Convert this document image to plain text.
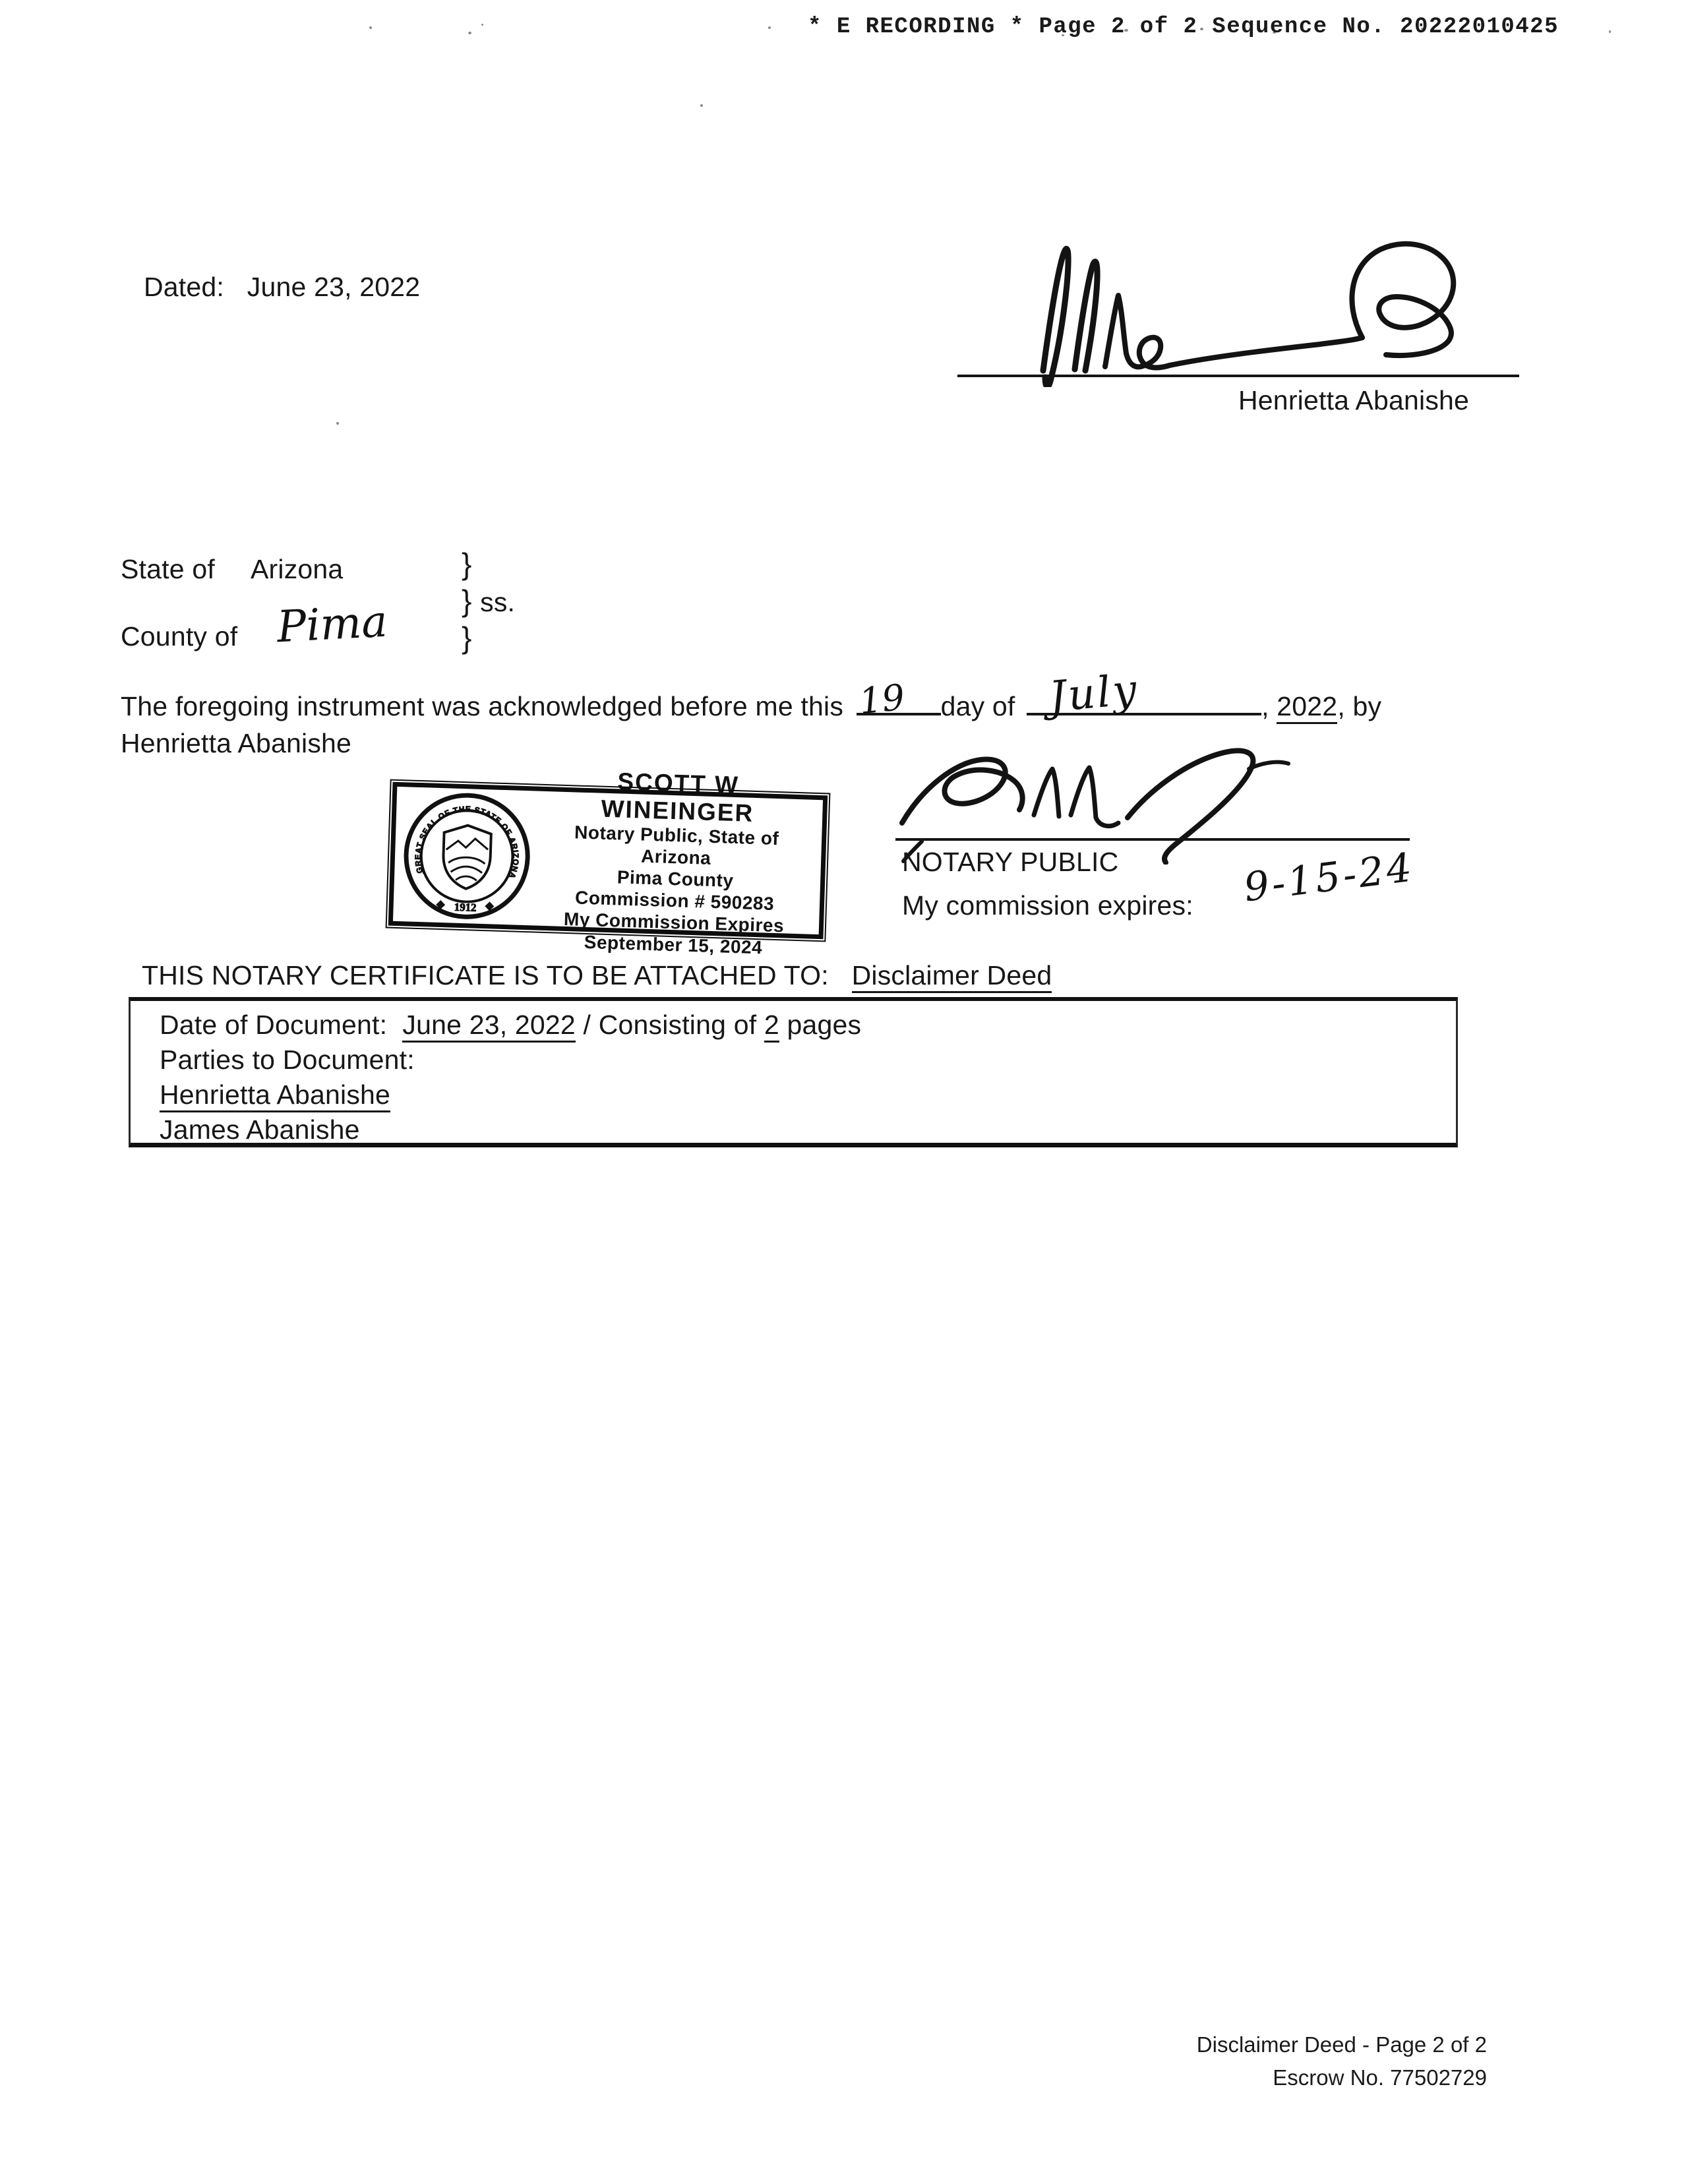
* E RECORDING * Page 2 of 2 Sequence No. 20222010425
Dated: June 23, 2022
Henrietta Abanishe
State of Arizona	}
} ss.
County of Pima }
The foregoing instrument was acknowledged before me this 19 day of July	, 2022, by
Henrietta Abanishe
GREAT SEAL OF THE STATE OF ARIZONA
1912
SCOTT W WINEINGER
Notary Public, State of Arizona
Pima County
Commission # 590283
My Commission Expires
September 15, 2024
NOTARY PUBLIC
My commission expires: 9-15-24
THIS NOTARY CERTIFICATE IS TO BE ATTACHED TO: Disclaimer Deed
Date of Document: June 23, 2022 / Consisting of 2 pages
Parties to Document:
Henrietta Abanishe
James Abanishe
Disclaimer Deed - Page 2 of 2
Escrow No. 77502729
